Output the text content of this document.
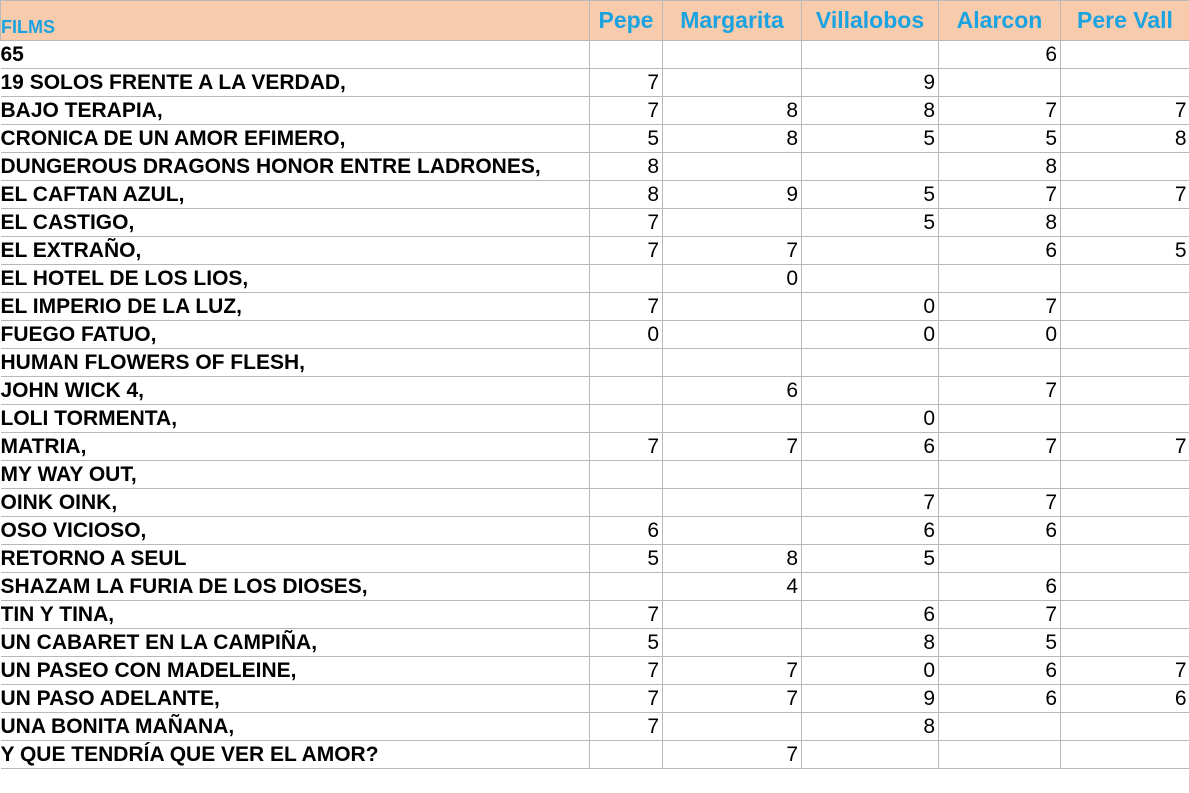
FILMS	Pepe	Margarita	Villalobos	Alarcon	Pere Vall
65				6	
19 SOLOS FRENTE A LA VERDAD,	7		9		
BAJO TERAPIA,	7	8	8	7	7
CRONICA DE UN AMOR EFIMERO,	5	8	5	5	8
DUNGEROUS DRAGONS HONOR ENTRE LADRONES,	8			8	
EL CAFTAN AZUL,	8	9	5	7	7
EL CASTIGO,	7		5	8	
EL EXTRAÑO,	7	7		6	5
EL HOTEL DE LOS LIOS,		0			
EL IMPERIO DE LA LUZ,	7		0	7	
FUEGO FATUO,	0		0	0	
HUMAN FLOWERS OF FLESH,					
JOHN WICK 4,		6		7	
LOLI TORMENTA,			0		
MATRIA,	7	7	6	7	7
MY WAY OUT,					
OINK OINK,			7	7	
OSO VICIOSO,	6		6	6	
RETORNO A SEUL	5	8	5		
SHAZAM LA FURIA DE LOS DIOSES,		4		6	
TIN Y TINA,	7		6	7	
UN CABARET EN LA CAMPIÑA,	5		8	5	
UN PASEO CON MADELEINE,	7	7	0	6	7
UN PASO ADELANTE,	7	7	9	6	6
UNA BONITA MAÑANA,	7		8		
Y QUE TENDRÍA QUE VER EL AMOR?		7			
